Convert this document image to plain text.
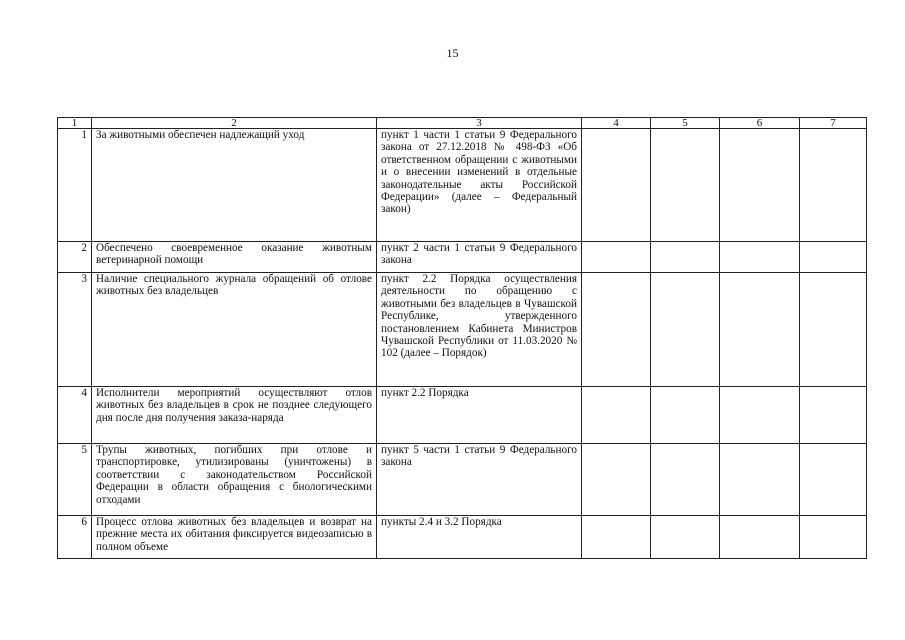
15
1	2	3	4	5	6	7
1	За животными обеспечен надлежащий уход	пункт 1 части 1 статьи 9 Федерального закона от 27.12.2018 № 498-ФЗ «Об ответственном обращении с животными и о внесении изменений в отдельные законодательные акты Российской Федерации» (далее – Федеральный закон)				
2	Обеспечено своевременное оказание животным ветеринарной помощи	пункт 2 части 1 статьи 9 Федерального закона				
3	Наличие специального журнала обращений об отлове животных без владельцев	пункт 2.2 Порядка осуществления деятельности по обращению с животными без владельцев в Чувашской Республике, утвержденного постановлением Кабинета Министров Чувашской Республики от 11.03.2020 № 102 (далее – Порядок)				
4	Исполнители мероприятий осуществляют отлов животных без владельцев в срок не позднее следующего дня после дня получения заказа-наряда	пункт 2.2 Порядка				
5	Трупы животных, погибших при отлове и транспортировке, утилизированы (уничтожены) в соответствии с законодательством Российской Федерации в области обращения с биологическими отходами	пункт 5 части 1 статьи 9 Федерального закона				
6	Процесс отлова животных без владельцев и возврат на прежние места их обитания фиксируется видеозаписью в полном объеме	пункты 2.4 и 3.2 Порядка				
